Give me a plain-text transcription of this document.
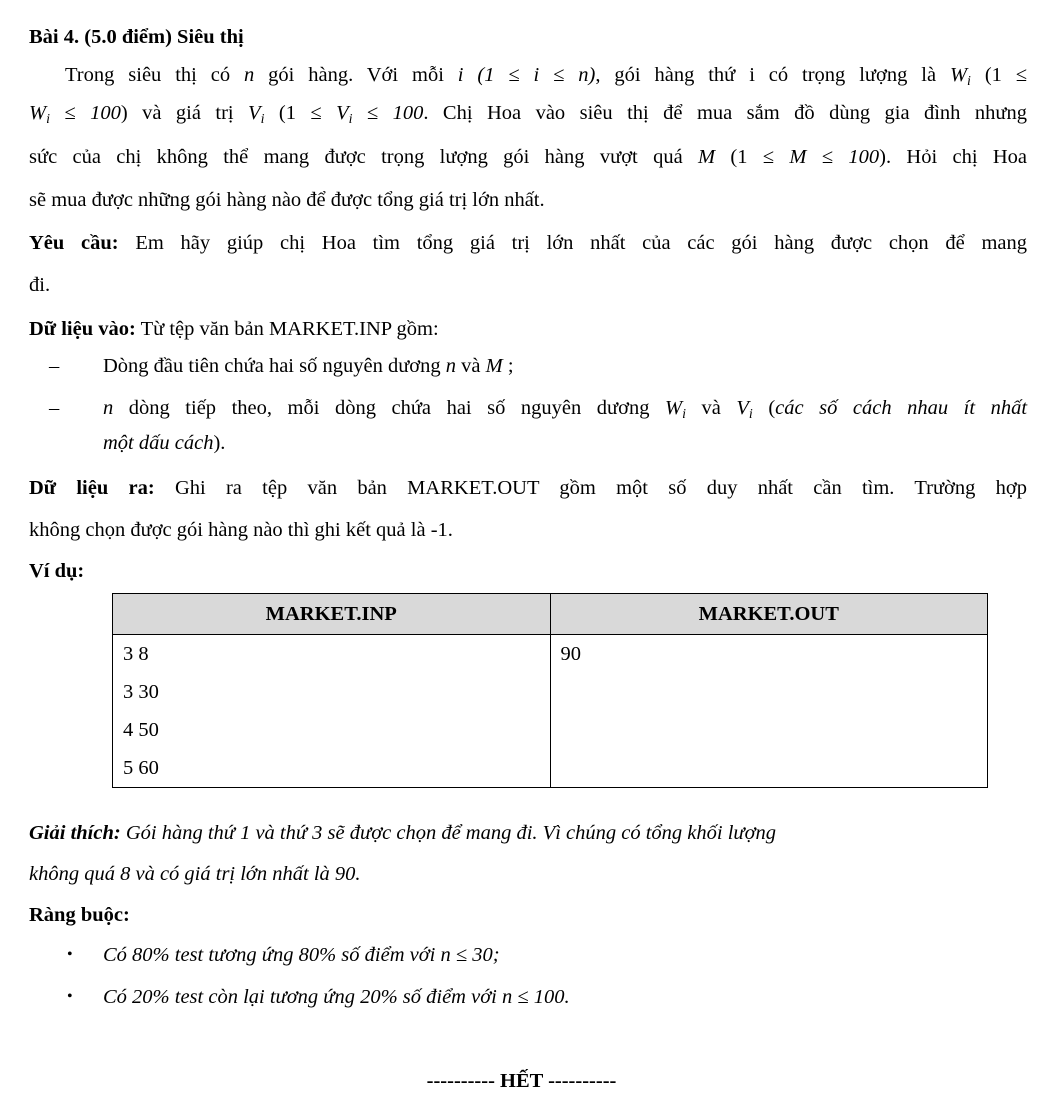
Bài 4. (5.0 điểm) Siêu thị
Trong siêu thị có n gói hàng. Với mỗi i (1 ≤ i ≤ n), gói hàng thứ i có trọng lượng là $W_i$ (1 ≤
$W_i \le 100$) và giá trị $V_i$ ($1 \le V_i \le 100$. Chị Hoa vào siêu thị để mua sắm đồ dùng gia đình nhưng
sức của chị không thể mang được trọng lượng gói hàng vượt quá M (1 ≤ M ≤ 100). Hỏi chị Hoa
sẽ mua được những gói hàng nào để được tổng giá trị lớn nhất.
Yêu cầu: Em hãy giúp chị Hoa tìm tổng giá trị lớn nhất của các gói hàng được chọn để mang
đi.
Dữ liệu vào: Từ tệp văn bản MARKET.INP gồm:
– Dòng đầu tiên chứa hai số nguyên dương n và M ;
– n dòng tiếp theo, mỗi dòng chứa hai số nguyên dương $W_i$ và $V_i$ (các số cách nhau ít nhất
một dấu cách).
Dữ liệu ra: Ghi ra tệp văn bản MARKET.OUT gồm một số duy nhất cần tìm. Trường hợp
không chọn được gói hàng nào thì ghi kết quả là -1.
Ví dụ:
MARKET.INP	MARKET.OUT
3 8	90
3 30	
4 50	
5 60	
Giải thích: Gói hàng thứ 1 và thứ 3 sẽ được chọn để mang đi. Vì chúng có tổng khối lượng
không quá 8 và có giá trị lớn nhất là 90.
Ràng buộc:
• Có 80% test tương ứng 80% số điểm với n ≤ 30;
• Có 20% test còn lại tương ứng 20% số điểm với n ≤ 100.
---------- HẾT ----------
